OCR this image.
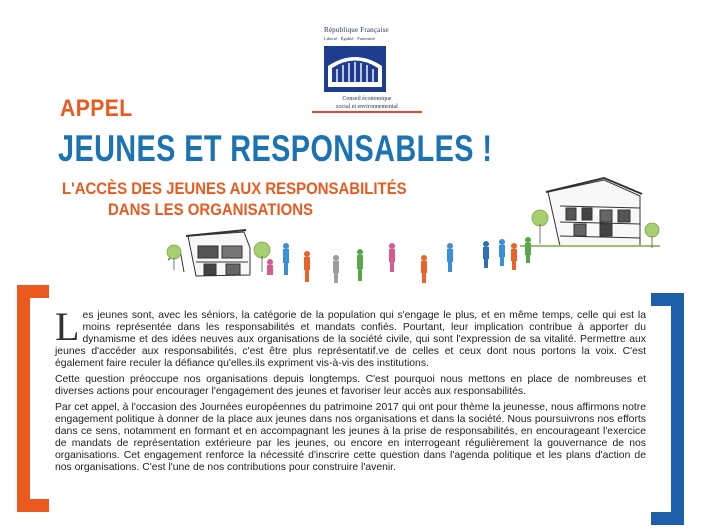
République Française
Liberté · Égalité · Fraternité
Conseil économique
social et environnemental
APPEL
JEUNES ET RESPONSABLES !
L'ACCÈS DES JEUNES AUX RESPONSABILITÉS
DANS LES ORGANISATIONS

Les jeunes sont, avec les séniors, la catégorie de la population qui s'engage le plus, et en même temps, celle qui est la moins représentée dans les responsabilités et mandats confiés. Pourtant, leur implication contribue à apporter du dynamisme et des idées neuves aux organisations de la société civile, qui sont l'expression de sa vitalité. Permettre aux jeunes d'accéder aux responsabilités, c'est être plus représentatif.ve de celles et ceux dont nous portons la voix. C'est également faire reculer la défiance qu'elles.ils expriment vis-à-vis des institutions.

Cette question préoccupe nos organisations depuis longtemps. C'est pourquoi nous mettons en place de nombreuses et diverses actions pour encourager l'engagement des jeunes et favoriser leur accès aux responsabilités.

Par cet appel, à l'occasion des Journées européennes du patrimoine 2017 qui ont pour thème la jeunesse, nous affirmons notre engagement politique à donner de la place aux jeunes dans nos organisations et dans la société. Nous poursuivrons nos efforts dans ce sens, notamment en formant et en accompagnant les jeunes à la prise de responsabilités, en encourageant l'exercice de mandats de représentation extérieure par les jeunes, ou encore en interrogeant régulièrement la gouvernance de nos organisations. Cet engagement renforce la nécessité d'inscrire cette question dans l'agenda politique et les plans d'action de nos organisations. C'est l'une de nos contributions pour construire l'avenir.
